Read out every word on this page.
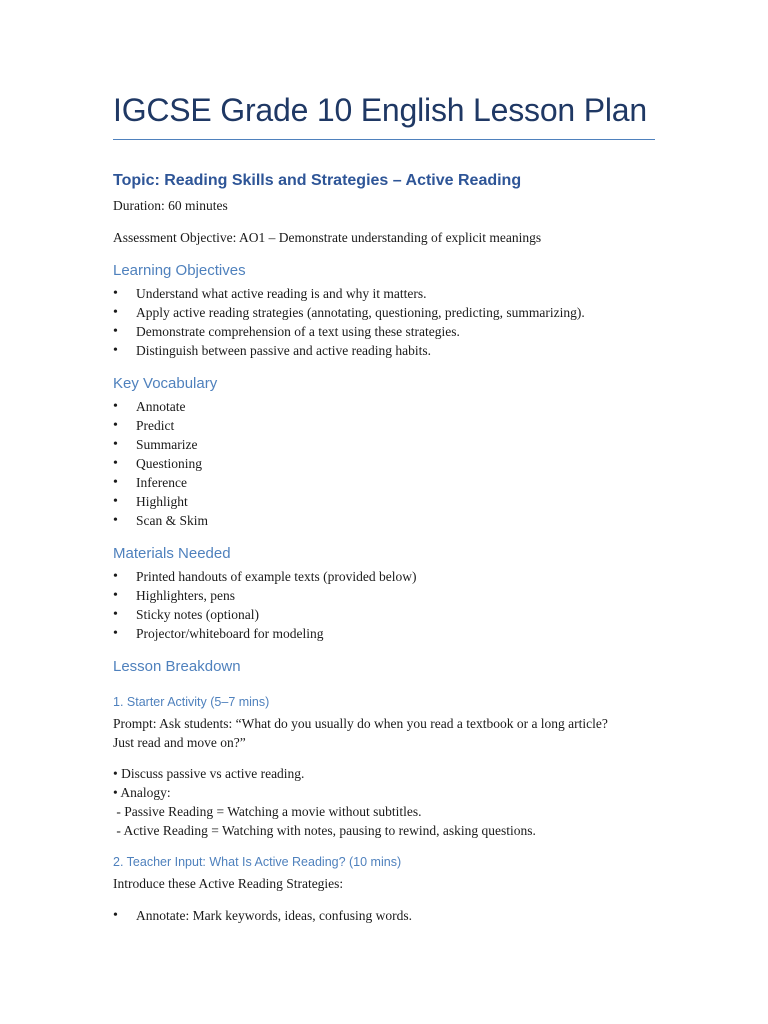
IGCSE Grade 10 English Lesson Plan
Topic: Reading Skills and Strategies – Active Reading
Duration: 60 minutes
Assessment Objective: AO1 – Demonstrate understanding of explicit meanings
Learning Objectives
• Understand what active reading is and why it matters.
• Apply active reading strategies (annotating, questioning, predicting, summarizing).
• Demonstrate comprehension of a text using these strategies.
• Distinguish between passive and active reading habits.
Key Vocabulary
• Annotate
• Predict
• Summarize
• Questioning
• Inference
• Highlight
• Scan & Skim
Materials Needed
• Printed handouts of example texts (provided below)
• Highlighters, pens
• Sticky notes (optional)
• Projector/whiteboard for modeling
Lesson Breakdown
1. Starter Activity (5–7 mins)
Prompt: Ask students: “What do you usually do when you read a textbook or a long article?
Just read and move on?”
• Discuss passive vs active reading.
• Analogy:
- Passive Reading = Watching a movie without subtitles.
- Active Reading = Watching with notes, pausing to rewind, asking questions.
2. Teacher Input: What Is Active Reading? (10 mins)
Introduce these Active Reading Strategies:
• Annotate: Mark keywords, ideas, confusing words.
